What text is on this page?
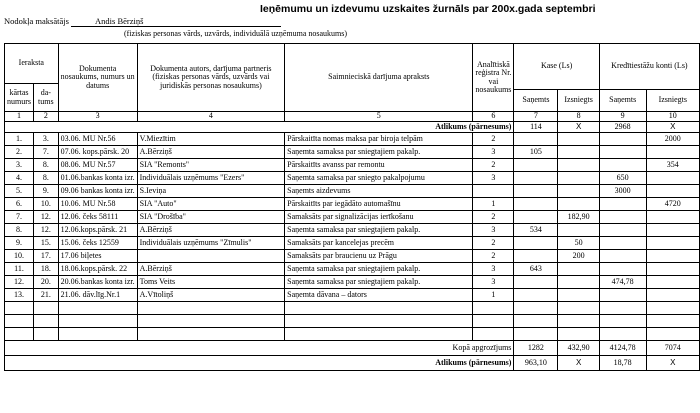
Ieņēmumu un izdevumu uzskaites žurnāls par 200x.gada septembri
Nodokļa maksātājs	Andis Bērziņš
(fiziskas personas vārds, uzvārds, individuālā uzņēmuma nosaukums)
Ieraksta		Dokumenta nosaukums, numurs un datums	Dokumenta autors, darījuma partneris (fiziskas personas vārds, uzvārds vai juridiskās personas nosaukums)	Saimnieciskā darījuma apraksts	Analītiskā reģistra Nr. vai nosaukums	Kase (Ls)		Kredītiestāžu konti (Ls)	
kārtas numurs	da-tums								
						Saņemts	Izsniegts	Saņemts	Izsniegts
1	2	3	4	5	6	7	8	9	10
Atlikums (pārnesums)						114	X	2968	X
1.	3.	03.06. MU Nr.56	V.Miezītim	Pārskaitīta nomas maksa par biroja telpām	2				2000
2.	7.	07.06. kops.pārsk. 20	A.Bērziņš	Saņemta samaksa par sniegtajiem pakalp.	3	105			
3.	8.	08.06. MU Nr.57	SIA "Remonts"	Pārskaitīts avanss par remontu	2				354
4.	8.	01.06.bankas konta izr.	Individuālais uzņēmums "Ezers"	Saņemta samaksa par sniegto pakalpojumu	3			650	
5.	9.	09.06 bankas konta izr.	S.Ieviņa	Saņemts aizdevums				3000	
6.	10.	10.06. MU Nr.58	SIA "Auto"	Pārskaitīts par iegādāto automašīnu	1				4720
7.	12.	12.06. čeks 58111	SIA "Drošība"	Samaksāts par signalizācijas ierīkošanu	2		182,90		
8.	12.	12.06.kops.pārsk. 21	A.Bērziņš	Saņemta samaksa par sniegtajiem pakalp.	3	534			
9.	15.	15.06. čeks 12559	Individuālais uzņēmums "Zīmulis"	Samaksāts par kancelejas precēm	2		50		
10.	17.	17.06 biļetes		Samaksāts par braucienu uz Prāgu	2		200		
11.	18.	18.06.kops.pārsk. 22	A.Bērziņš	Saņemta samaksa par sniegtajiem pakalp.	3	643			
12.	20.	20.06.bankas konta izr.	Toms Veits	Saņemta samaksa par sniegtajiem pakalp.	3			474,78	
13.	21.	21.06. dāv.līg.Nr.1	A.Vītoliņš	Saņemta dāvana – dators	1				

Kopā apgrozījums						1282	432,90	4124,78	7074
Atlikums (pārnesums)						963,10	X	18,78	X
